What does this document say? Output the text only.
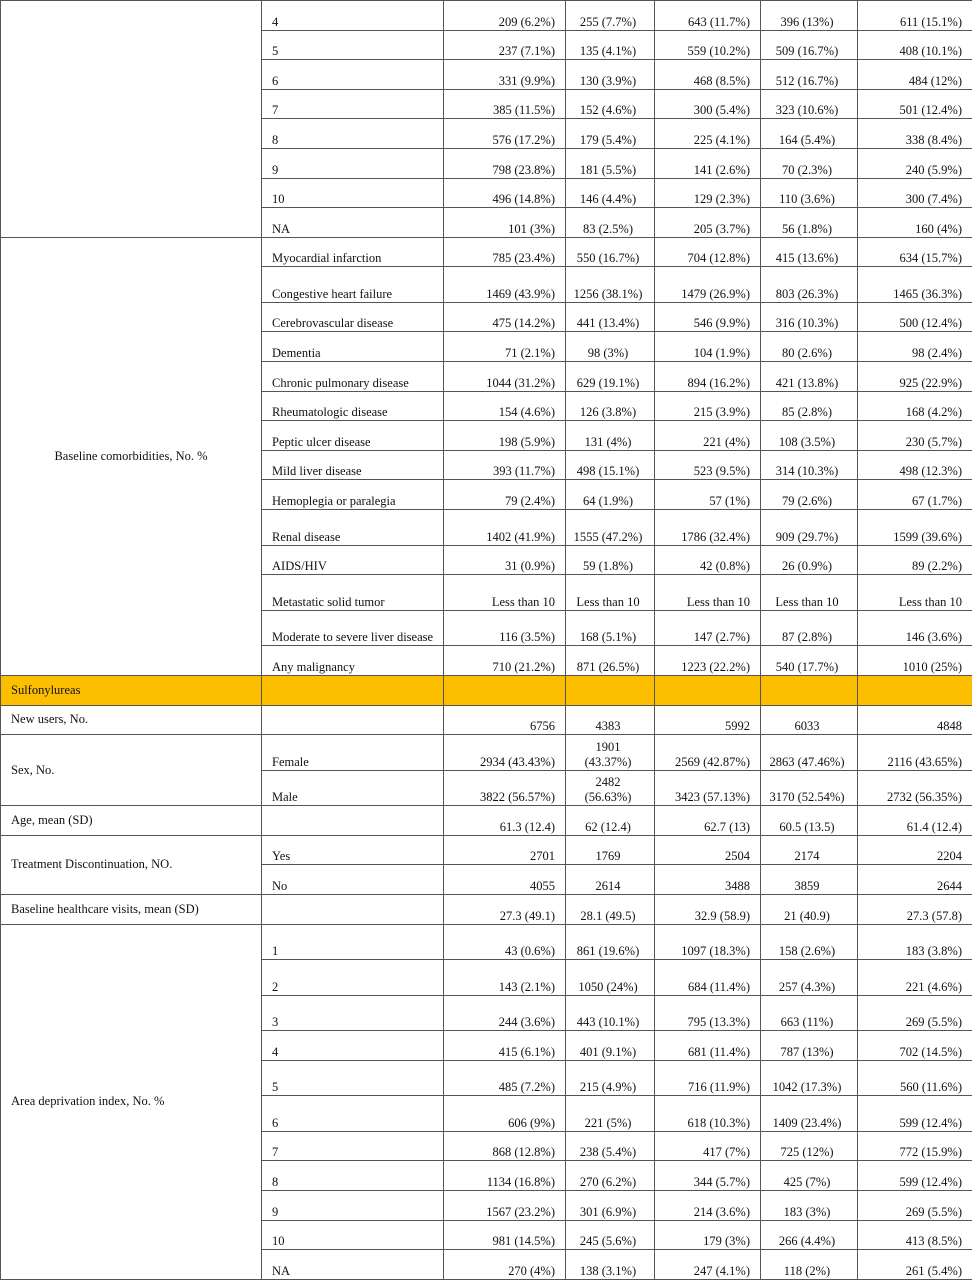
	4	209 (6.2%)	255 (7.7%)	643 (11.7%)	396 (13%)	611 (15.1%)
	5	237 (7.1%)	135 (4.1%)	559 (10.2%)	509 (16.7%)	408 (10.1%)
	6	331 (9.9%)	130 (3.9%)	468 (8.5%)	512 (16.7%)	484 (12%)
	7	385 (11.5%)	152 (4.6%)	300 (5.4%)	323 (10.6%)	501 (12.4%)
	8	576 (17.2%)	179 (5.4%)	225 (4.1%)	164 (5.4%)	338 (8.4%)
	9	798 (23.8%)	181 (5.5%)	141 (2.6%)	70 (2.3%)	240 (5.9%)
	10	496 (14.8%)	146 (4.4%)	129 (2.3%)	110 (3.6%)	300 (7.4%)
	NA	101 (3%)	83 (2.5%)	205 (3.7%)	56 (1.8%)	160 (4%)
Baseline comorbidities, No. %	Myocardial infarction	785 (23.4%)	550 (16.7%)	704 (12.8%)	415 (13.6%)	634 (15.7%)
	Congestive heart failure	1469 (43.9%)	1256 (38.1%)	1479 (26.9%)	803 (26.3%)	1465 (36.3%)
	Cerebrovascular disease	475 (14.2%)	441 (13.4%)	546 (9.9%)	316 (10.3%)	500 (12.4%)
	Dementia	71 (2.1%)	98 (3%)	104 (1.9%)	80 (2.6%)	98 (2.4%)
	Chronic pulmonary disease	1044 (31.2%)	629 (19.1%)	894 (16.2%)	421 (13.8%)	925 (22.9%)
	Rheumatologic disease	154 (4.6%)	126 (3.8%)	215 (3.9%)	85 (2.8%)	168 (4.2%)
	Peptic ulcer disease	198 (5.9%)	131 (4%)	221 (4%)	108 (3.5%)	230 (5.7%)
	Mild liver disease	393 (11.7%)	498 (15.1%)	523 (9.5%)	314 (10.3%)	498 (12.3%)
	Hemoplegia or paralegia	79 (2.4%)	64 (1.9%)	57 (1%)	79 (2.6%)	67 (1.7%)
	Renal disease	1402 (41.9%)	1555 (47.2%)	1786 (32.4%)	909 (29.7%)	1599 (39.6%)
	AIDS/HIV	31 (0.9%)	59 (1.8%)	42 (0.8%)	26 (0.9%)	89 (2.2%)
	Metastatic solid tumor	Less than 10	Less than 10	Less than 10	Less than 10	Less than 10
	Moderate to severe liver disease	116 (3.5%)	168 (5.1%)	147 (2.7%)	87 (2.8%)	146 (3.6%)
	Any malignancy	710 (21.2%)	871 (26.5%)	1223 (22.2%)	540 (17.7%)	1010 (25%)
Sulfonylureas						
New users, No.		6756	4383	5992	6033	4848
Sex, No.	Female	2934 (43.43%)	1901 (43.37%)	2569 (42.87%)	2863 (47.46%)	2116 (43.65%)
	Male	3822 (56.57%)	2482 (56.63%)	3423 (57.13%)	3170 (52.54%)	2732 (56.35%)
Age, mean (SD)		61.3 (12.4)	62 (12.4)	62.7 (13)	60.5 (13.5)	61.4 (12.4)
Treatment Discontinuation, NO.	Yes	2701	1769	2504	2174	2204
	No	4055	2614	3488	3859	2644
Baseline healthcare visits, mean (SD)		27.3 (49.1)	28.1 (49.5)	32.9 (58.9)	21 (40.9)	27.3 (57.8)
Area deprivation index, No. %	1	43 (0.6%)	861 (19.6%)	1097 (18.3%)	158 (2.6%)	183 (3.8%)
	2	143 (2.1%)	1050 (24%)	684 (11.4%)	257 (4.3%)	221 (4.6%)
	3	244 (3.6%)	443 (10.1%)	795 (13.3%)	663 (11%)	269 (5.5%)
	4	415 (6.1%)	401 (9.1%)	681 (11.4%)	787 (13%)	702 (14.5%)
	5	485 (7.2%)	215 (4.9%)	716 (11.9%)	1042 (17.3%)	560 (11.6%)
	6	606 (9%)	221 (5%)	618 (10.3%)	1409 (23.4%)	599 (12.4%)
	7	868 (12.8%)	238 (5.4%)	417 (7%)	725 (12%)	772 (15.9%)
	8	1134 (16.8%)	270 (6.2%)	344 (5.7%)	425 (7%)	599 (12.4%)
	9	1567 (23.2%)	301 (6.9%)	214 (3.6%)	183 (3%)	269 (5.5%)
	10	981 (14.5%)	245 (5.6%)	179 (3%)	266 (4.4%)	413 (8.5%)
	NA	270 (4%)	138 (3.1%)	247 (4.1%)	118 (2%)	261 (5.4%)
